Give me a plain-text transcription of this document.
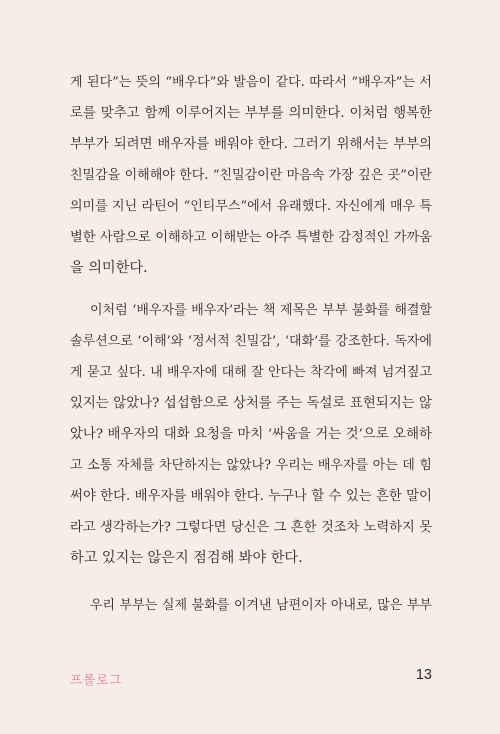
게 된다”는 뜻의 “배우다”와 발음이 같다. 따라서 “배우자”는 서
로를 맞추고 함께 이루어지는 부부를 의미한다. 이처럼 행복한
부부가 되려면 배우자를 배워야 한다. 그러기 위해서는 부부의
친밀감을 이해해야 한다. “친밀감이란 마음속 가장 깊은 곳”이란
의미를 지닌 라틴어 “인티무스”에서 유래했다. 자신에게 매우 특
별한 사람으로 이해하고 이해받는 아주 특별한 감정적인 가까움
을 의미한다.
이처럼 ‘배우자를 배우자’라는 책 제목은 부부 불화를 해결할
솔루션으로 ‘이해’와 ‘정서적 친밀감’, ‘대화’를 강조한다. 독자에
게 묻고 싶다. 내 배우자에 대해 잘 안다는 착각에 빠져 넘겨짚고
있지는 않았나? 섭섭함으로 상처를 주는 독설로 표현되지는 않
았나? 배우자의 대화 요청을 마치 ‘싸움을 거는 것’으로 오해하
고 소통 자체를 차단하지는 않았나? 우리는 배우자를 아는 데 힘
써야 한다. 배우자를 배워야 한다. 누구나 할 수 있는 흔한 말이
라고 생각하는가? 그렇다면 당신은 그 흔한 것조차 노력하지 못
하고 있지는 않은지 점검해 봐야 한다.
우리 부부는 실제 불화를 이겨낸 남편이자 아내로, 많은 부부
프롤로그	13
